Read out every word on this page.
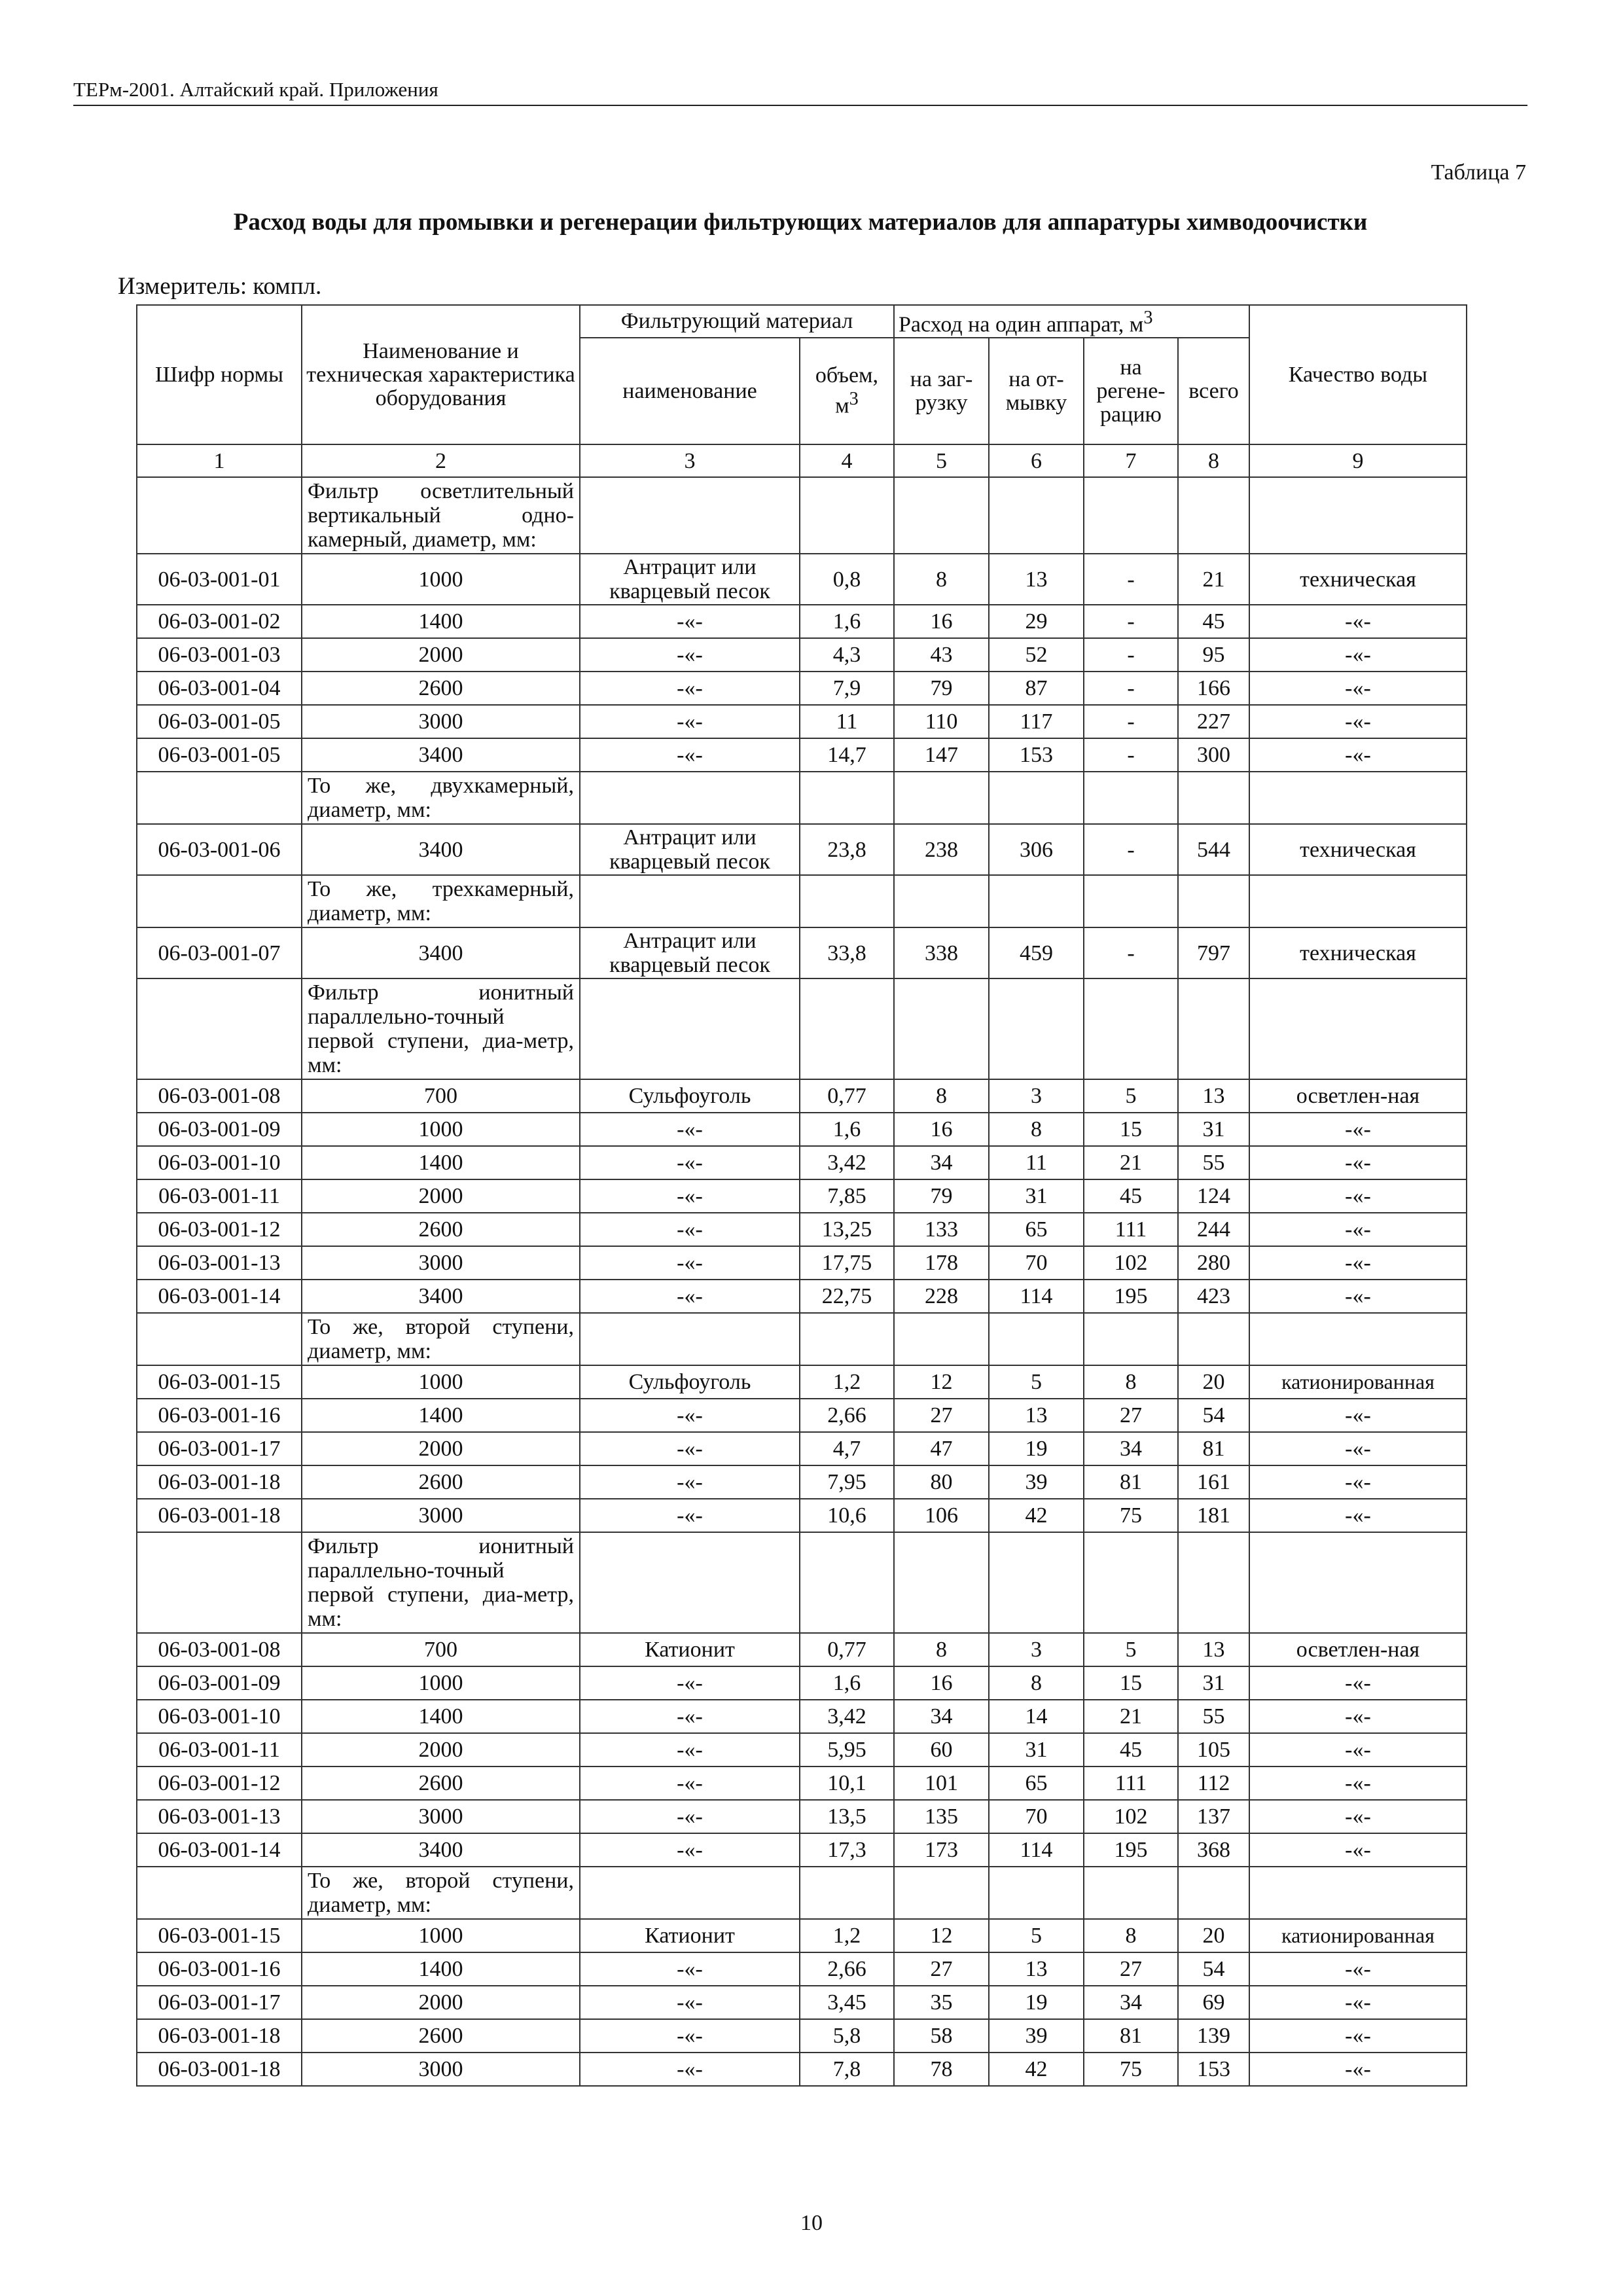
ТЕРм-2001. Алтайский край. Приложения
Таблица 7
Расход воды для промывки и регенерации фильтрующих материалов для аппаратуры химводоочистки
Измеритель: компл.
Шифр нормы	Наименование и техническая характеристика оборудования	Фильтрующий материал		Расход на один аппарат, $м^3$				Качество воды
		наименование	объем, $м^3$	на заг-рузку	на от-мывку	на регене-рацию	всего	
1	2	3	4	5	6	7	8	9
	Фильтр осветлительный вертикальный одно-камерный, диаметр, мм:							
06-03-001-01	1000	Антрацит или кварцевый песок	0,8	8	13	-	21	техническая
06-03-001-02	1400	-«-	1,6	16	29	-	45	-«-
06-03-001-03	2000	-«-	4,3	43	52	-	95	-«-
06-03-001-04	2600	-«-	7,9	79	87	-	166	-«-
06-03-001-05	3000	-«-	11	110	117	-	227	-«-
06-03-001-05	3400	-«-	14,7	147	153	-	300	-«-
	То же, двухкамерный, диаметр, мм:							
06-03-001-06	3400	Антрацит или кварцевый песок	23,8	238	306	-	544	техническая
	То же, трехкамерный, диаметр, мм:							
06-03-001-07	3400	Антрацит или кварцевый песок	33,8	338	459	-	797	техническая
	Фильтр ионитный параллельно-точный первой ступени, диа-метр, мм:							
06-03-001-08	700	Сульфоуголь	0,77	8	3	5	13	осветлен-ная
06-03-001-09	1000	-«-	1,6	16	8	15	31	-«-
06-03-001-10	1400	-«-	3,42	34	11	21	55	-«-
06-03-001-11	2000	-«-	7,85	79	31	45	124	-«-
06-03-001-12	2600	-«-	13,25	133	65	111	244	-«-
06-03-001-13	3000	-«-	17,75	178	70	102	280	-«-
06-03-001-14	3400	-«-	22,75	228	114	195	423	-«-
	То же, второй ступени, диаметр, мм:							
06-03-001-15	1000	Сульфоуголь	1,2	12	5	8	20	катионированная
06-03-001-16	1400	-«-	2,66	27	13	27	54	-«-
06-03-001-17	2000	-«-	4,7	47	19	34	81	-«-
06-03-001-18	2600	-«-	7,95	80	39	81	161	-«-
06-03-001-18	3000	-«-	10,6	106	42	75	181	-«-
	Фильтр ионитный параллельно-точный первой ступени, диа-метр, мм:							
06-03-001-08	700	Катионит	0,77	8	3	5	13	осветлен-ная
06-03-001-09	1000	-«-	1,6	16	8	15	31	-«-
06-03-001-10	1400	-«-	3,42	34	14	21	55	-«-
06-03-001-11	2000	-«-	5,95	60	31	45	105	-«-
06-03-001-12	2600	-«-	10,1	101	65	111	112	-«-
06-03-001-13	3000	-«-	13,5	135	70	102	137	-«-
06-03-001-14	3400	-«-	17,3	173	114	195	368	-«-
	То же, второй ступени, диаметр, мм:							
06-03-001-15	1000	Катионит	1,2	12	5	8	20	катионированная
06-03-001-16	1400	-«-	2,66	27	13	27	54	-«-
06-03-001-17	2000	-«-	3,45	35	19	34	69	-«-
06-03-001-18	2600	-«-	5,8	58	39	81	139	-«-
06-03-001-18	3000	-«-	7,8	78	42	75	153	-«-
10
